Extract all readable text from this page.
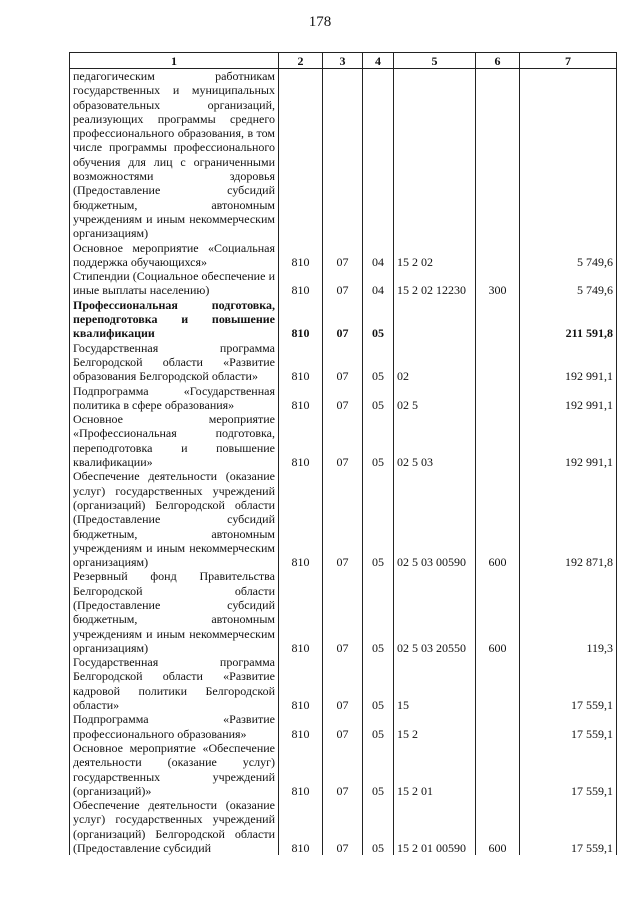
178
1	2	3	4	5	6	7
педагогическим работникам государственных и муниципальных образовательных организаций, реализующих программы среднего профессионального образования, в том числе программы профессионального обучения для лиц с ограниченными возможностями здоровья (Предоставление субсидий бюджетным, автономным учреждениям и иным некоммерческим организациям)						
Основное мероприятие «Социальная поддержка обучающихся»	810	07	04	15 2 02		5 749,6
Стипендии (Социальное обеспечение и иные выплаты населению)	810	07	04	15 2 02 12230	300	5 749,6
Профессиональная подготовка, переподготовка и повышение квалификации	810	07	05			211 591,8
Государственная программа Белгородской области «Развитие образования Белгородской области»	810	07	05	02		192 991,1
Подпрограмма «Государственная политика в сфере образования»	810	07	05	02 5		192 991,1
Основное мероприятие «Профессиональная подготовка, переподготовка и повышение квалификации»	810	07	05	02 5 03		192 991,1
Обеспечение деятельности (оказание услуг) государственных учреждений (организаций) Белгородской области (Предоставление субсидий бюджетным, автономным учреждениям и иным некоммерческим организациям)	810	07	05	02 5 03 00590	600	192 871,8
Резервный фонд Правительства Белгородской области (Предоставление субсидий бюджетным, автономным учреждениям и иным некоммерческим организациям)	810	07	05	02 5 03 20550	600	119,3
Государственная программа Белгородской области «Развитие кадровой политики Белгородской области»	810	07	05	15		17 559,1
Подпрограмма «Развитие профессионального образования»	810	07	05	15 2		17 559,1
Основное мероприятие «Обеспечение деятельности (оказание услуг) государственных учреждений (организаций)»	810	07	05	15 2 01		17 559,1
Обеспечение деятельности (оказание услуг) государственных учреждений (организаций) Белгородской области (Предоставление субсидий	810	07	05	15 2 01 00590	600	17 559,1
